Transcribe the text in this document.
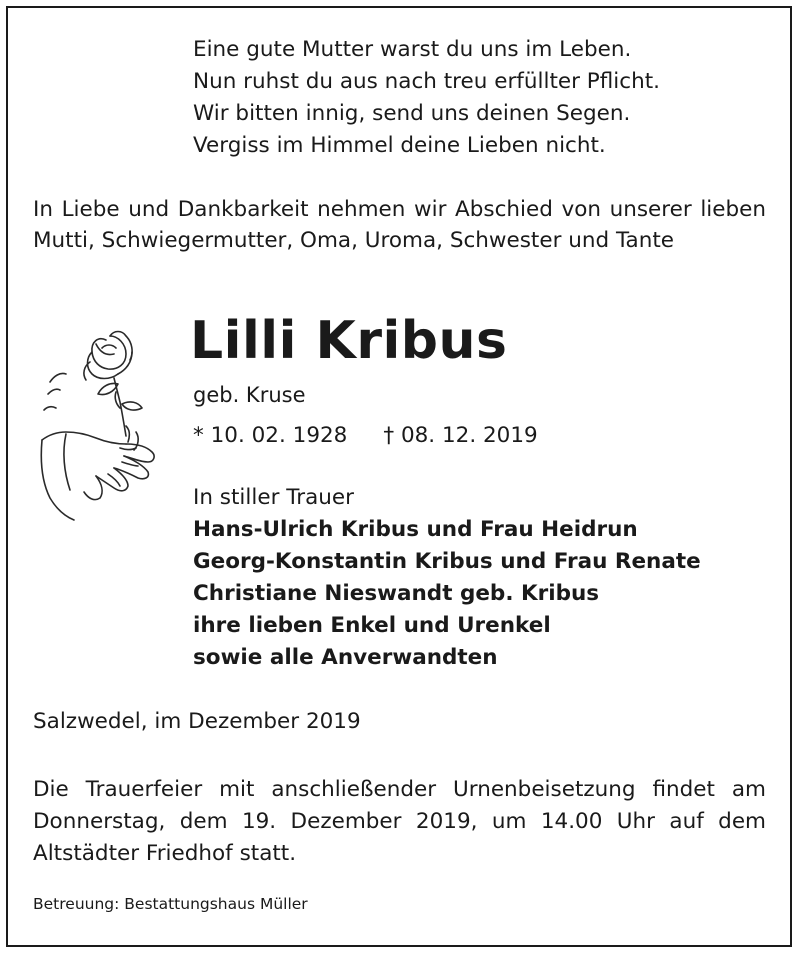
Eine gute Mutter warst du uns im Leben.
Nun ruhst du aus nach treu erfüllter Pflicht.
Wir bitten innig, send uns deinen Segen.
Vergiss im Himmel deine Lieben nicht.
In Liebe und Dankbarkeit nehmen wir Abschied von unserer lieben Mutti, Schwiegermutter, Oma, Uroma, Schwester und Tante
Lilli Kribus
geb. Kruse
* 10. 02. 1928 † 08. 12. 2019
In stiller Trauer
Hans-Ulrich Kribus und Frau Heidrun
Georg-Konstantin Kribus und Frau Renate
Christiane Nieswandt geb. Kribus
ihre lieben Enkel und Urenkel
sowie alle Anverwandten
Salzwedel, im Dezember 2019
Die Trauerfeier mit anschließender Urnenbeisetzung findet am Donnerstag, dem 19. Dezember 2019, um 14.00 Uhr auf dem Altstädter Friedhof statt.
Betreuung: Bestattungshaus Müller
